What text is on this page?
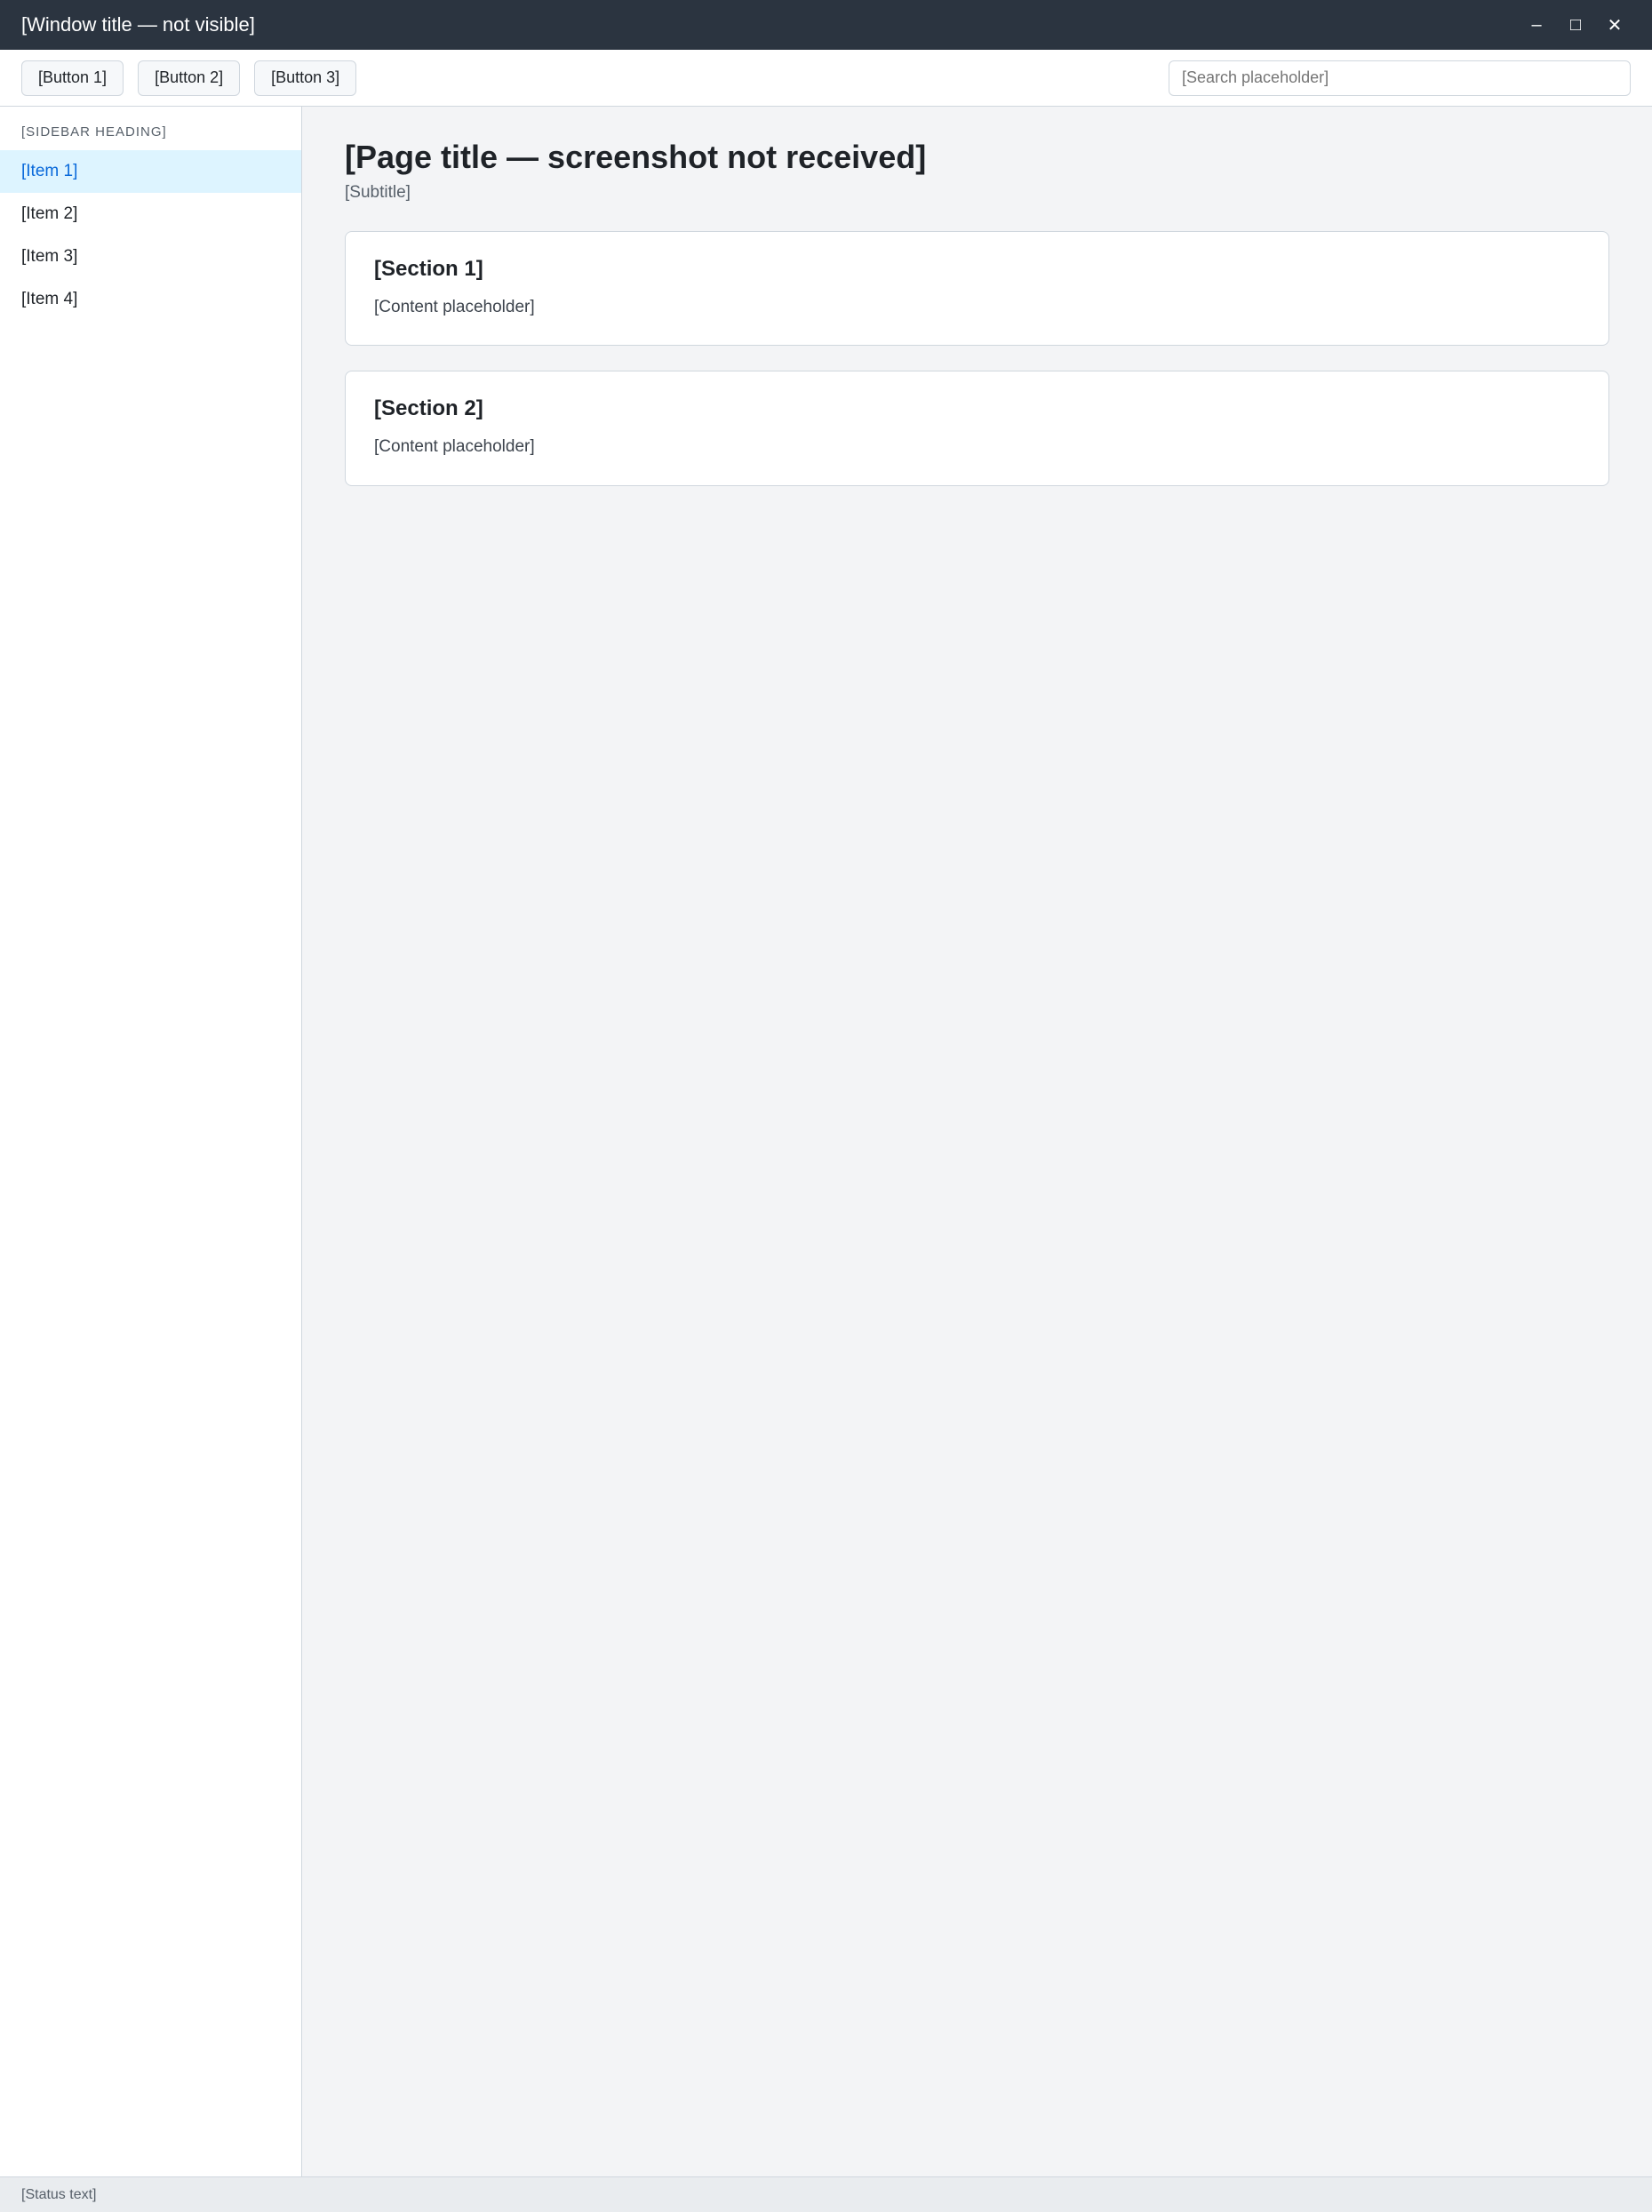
[Window title — not visible]	–	□	✕
[Button 1]	[Button 2]	[Button 3]
[Search placeholder]
[SIDEBAR HEADING]
[Item 1]
[Item 2]
[Item 3]
[Item 4]
[Page title — screenshot not received]

[Subtitle]

[Section 1]

[Content placeholder]

[Section 2]

[Content placeholder]

[Status text]
